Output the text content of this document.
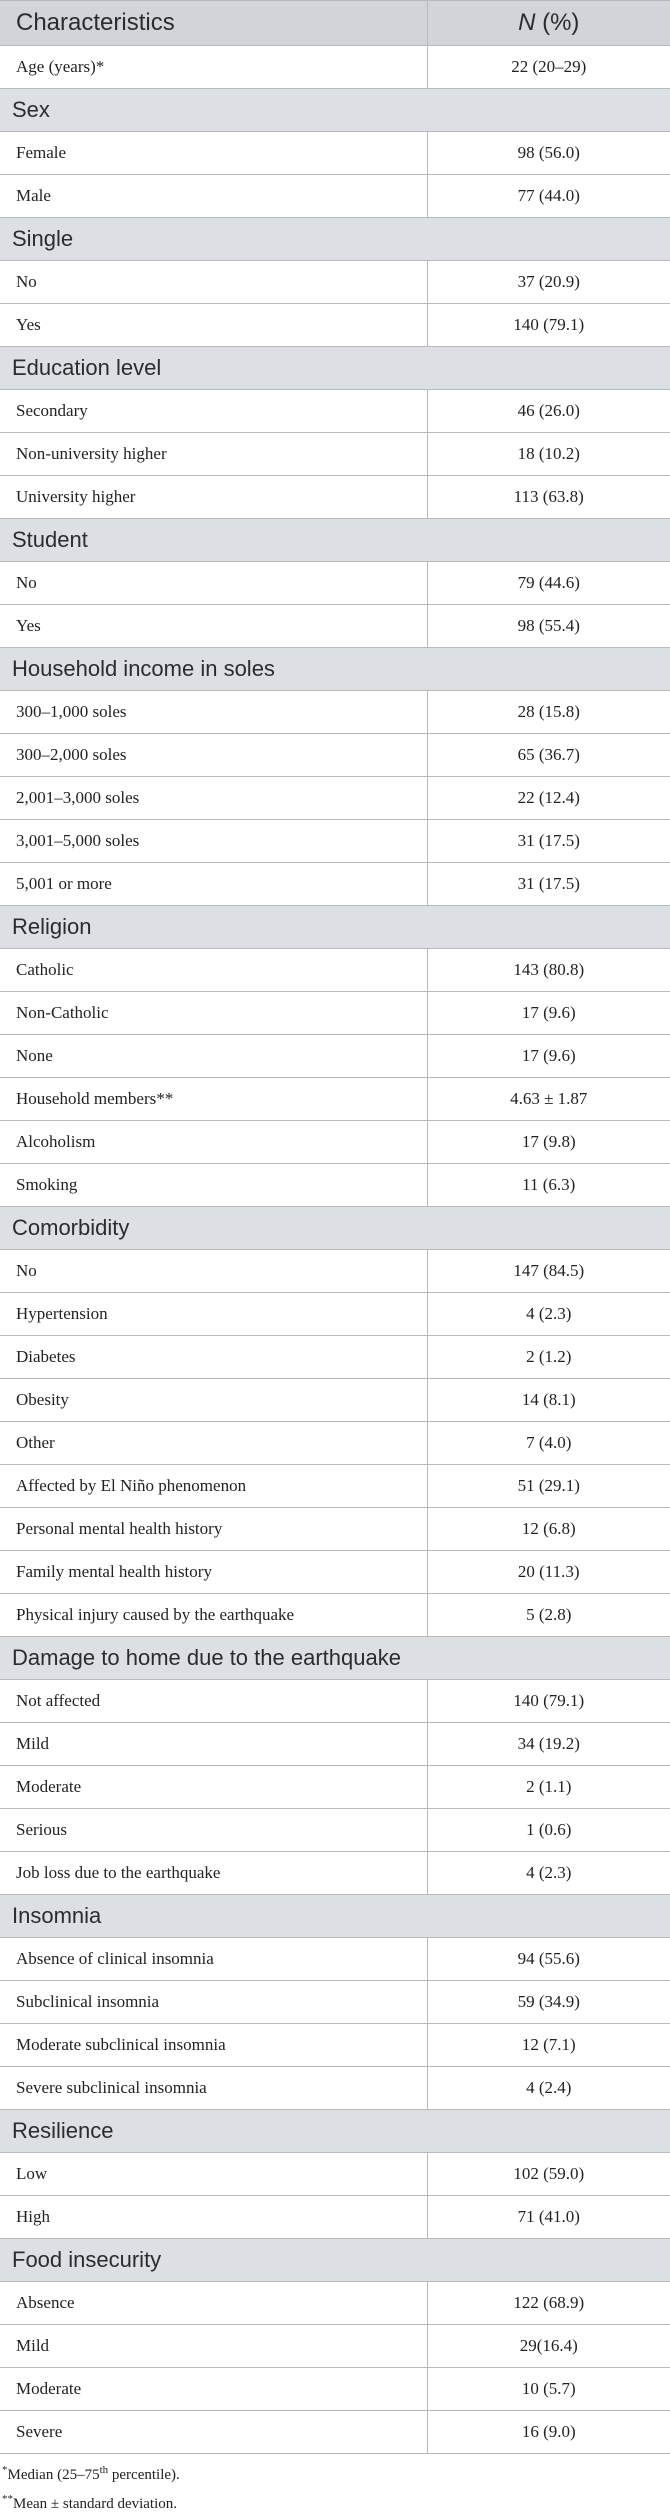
Characteristics	N (%)
Age (years)*	22 (20–29)
Sex	
Female	98 (56.0)
Male	77 (44.0)
Single	
No	37 (20.9)
Yes	140 (79.1)
Education level	
Secondary	46 (26.0)
Non-university higher	18 (10.2)
University higher	113 (63.8)
Student	
No	79 (44.6)
Yes	98 (55.4)
Household income in soles	
300–1,000 soles	28 (15.8)
300–2,000 soles	65 (36.7)
2,001–3,000 soles	22 (12.4)
3,001–5,000 soles	31 (17.5)
5,001 or more	31 (17.5)
Religion	
Catholic	143 (80.8)
Non-Catholic	17 (9.6)
None	17 (9.6)
Household members**	4.63 ± 1.87
Alcoholism	17 (9.8)
Smoking	11 (6.3)
Comorbidity	
No	147 (84.5)
Hypertension	4 (2.3)
Diabetes	2 (1.2)
Obesity	14 (8.1)
Other	7 (4.0)
Affected by El Niño phenomenon	51 (29.1)
Personal mental health history	12 (6.8)
Family mental health history	20 (11.3)
Physical injury caused by the earthquake	5 (2.8)
Damage to home due to the earthquake	
Not affected	140 (79.1)
Mild	34 (19.2)
Moderate	2 (1.1)
Serious	1 (0.6)
Job loss due to the earthquake	4 (2.3)
Insomnia	
Absence of clinical insomnia	94 (55.6)
Subclinical insomnia	59 (34.9)
Moderate subclinical insomnia	12 (7.1)
Severe subclinical insomnia	4 (2.4)
Resilience	
Low	102 (59.0)
High	71 (41.0)
Food insecurity	
Absence	122 (68.9)
Mild	29(16.4)
Moderate	10 (5.7)
Severe	16 (9.0)
*Median (25–75th percentile).
**Mean ± standard deviation.
